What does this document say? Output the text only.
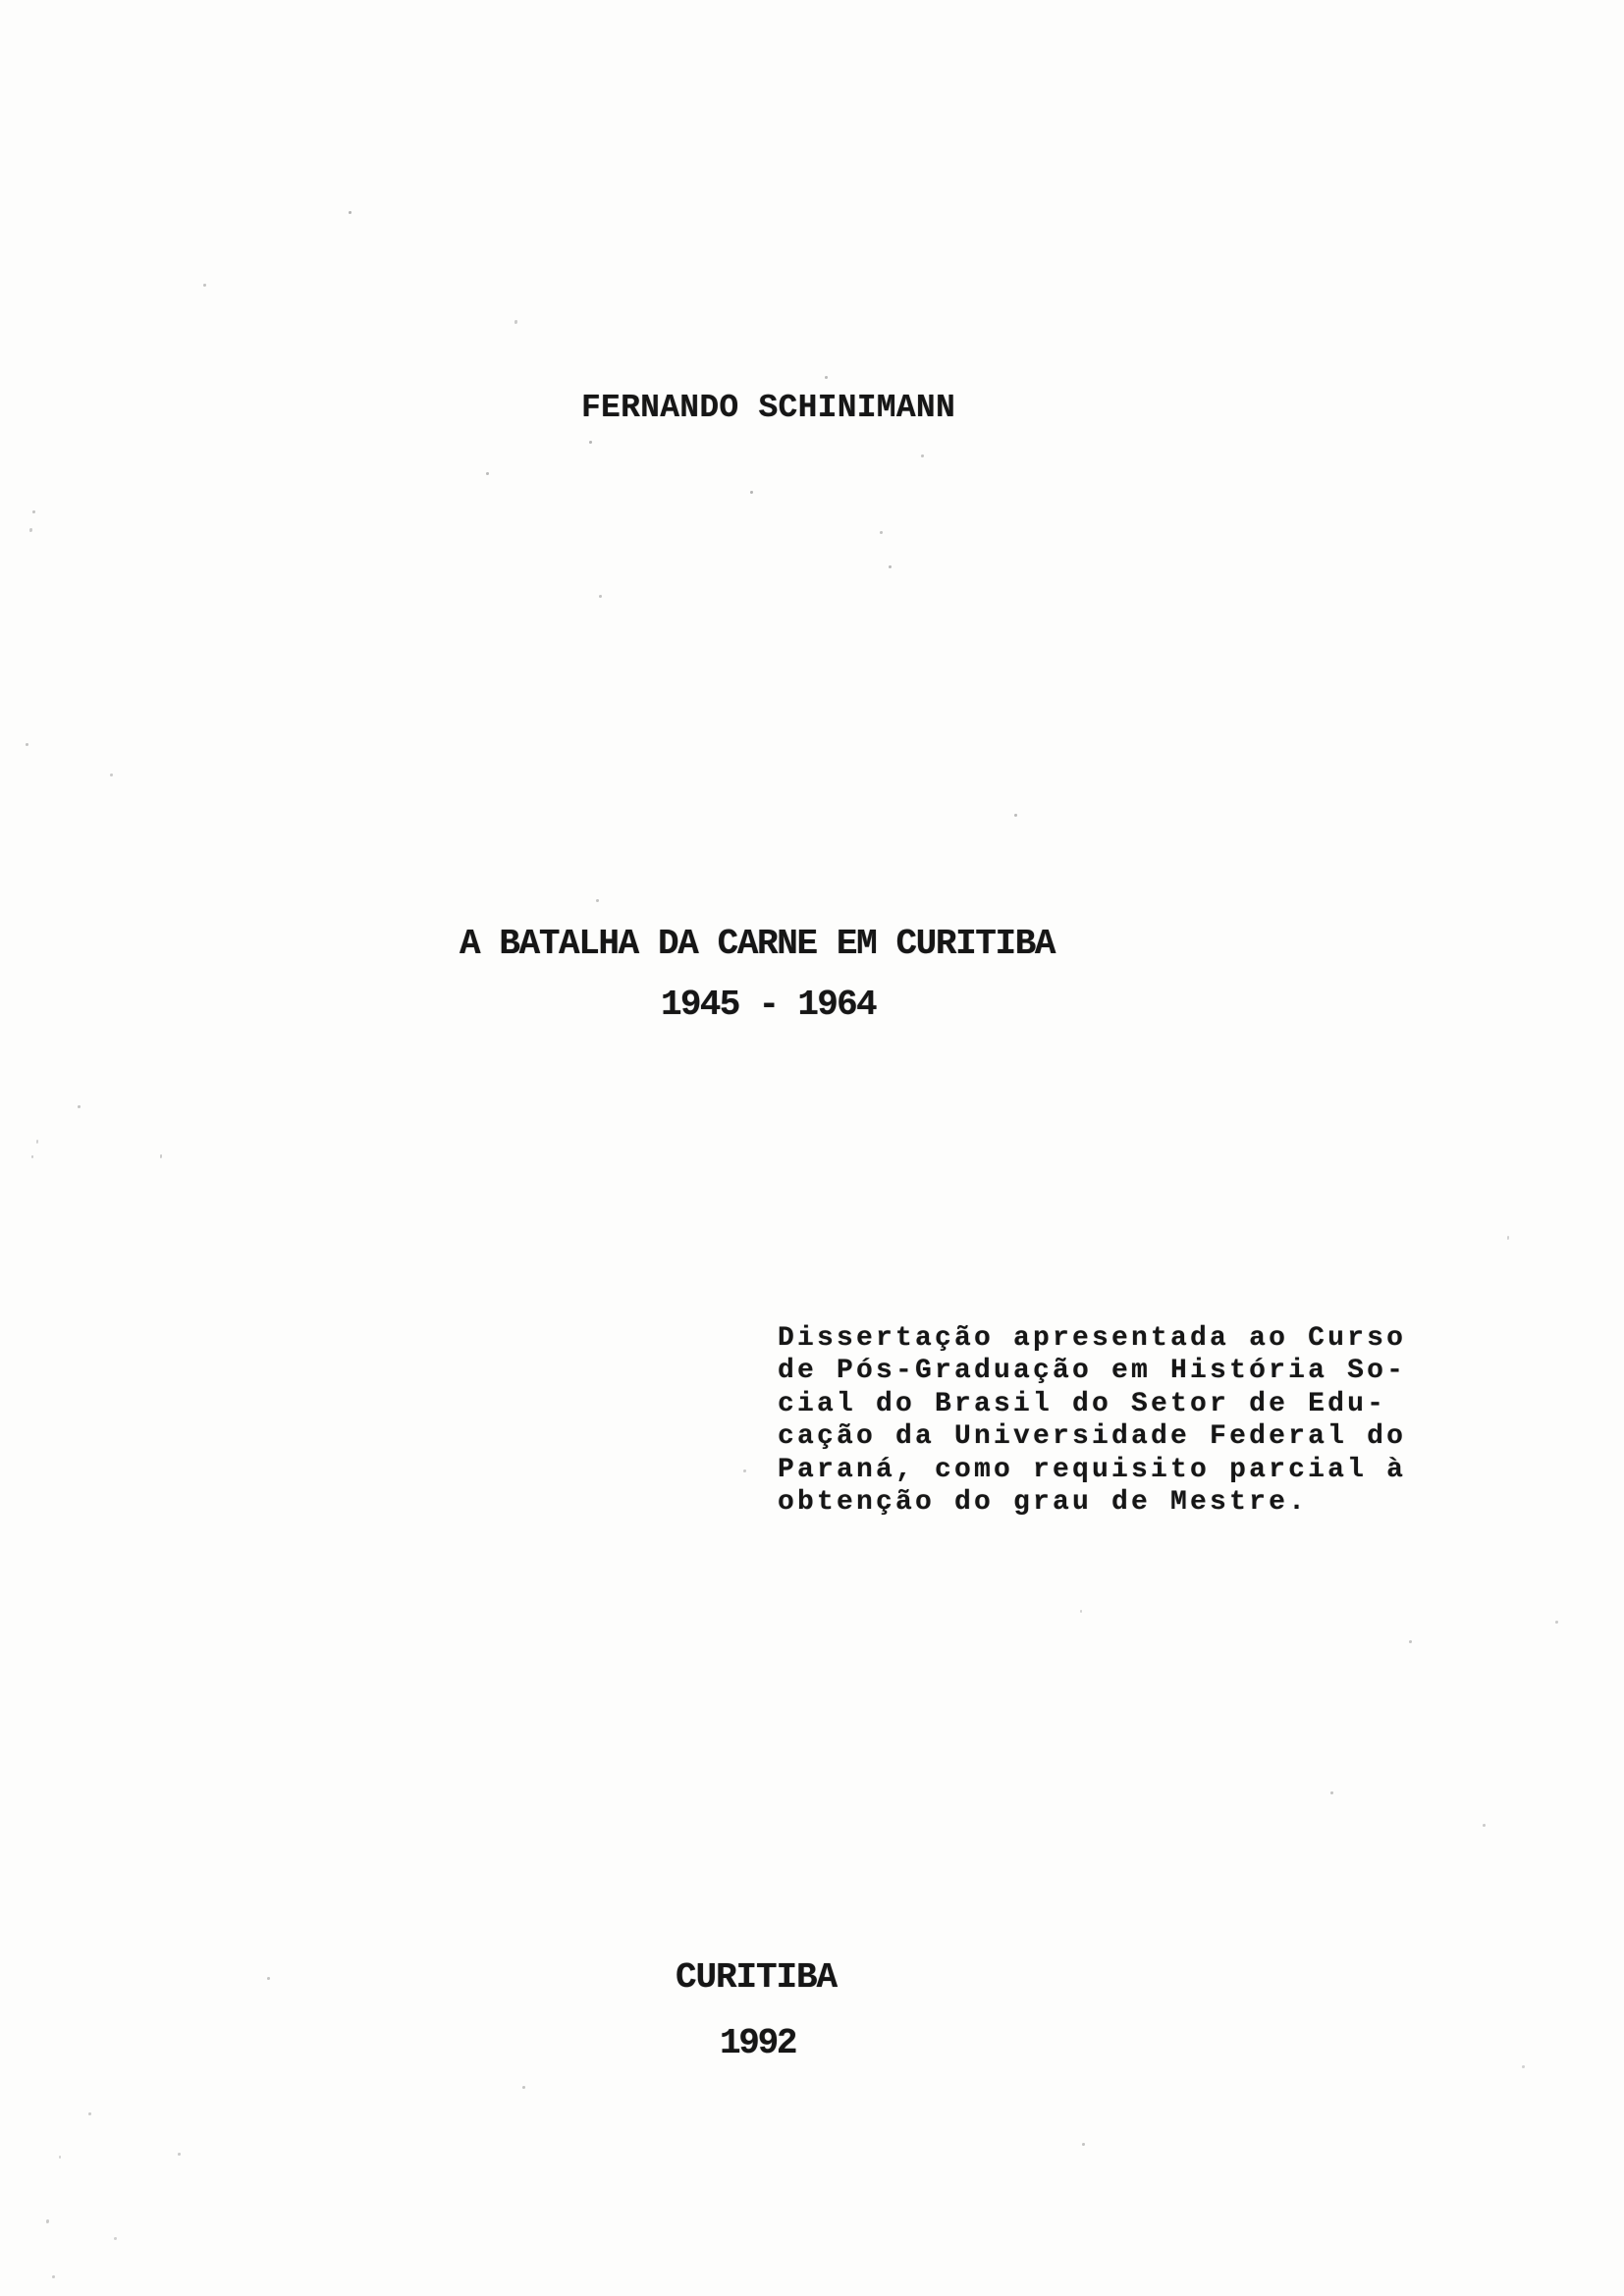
FERNANDO SCHINIMANN
A BATALHA DA CARNE EM CURITIBA
1945 - 1964
Dissertação apresentada ao Curso
de Pós-Graduação em História So-
cial do Brasil do Setor de Edu-
cação da Universidade Federal do
Paraná, como requisito parcial à
obtenção do grau de Mestre.
CURITIBA
1992
